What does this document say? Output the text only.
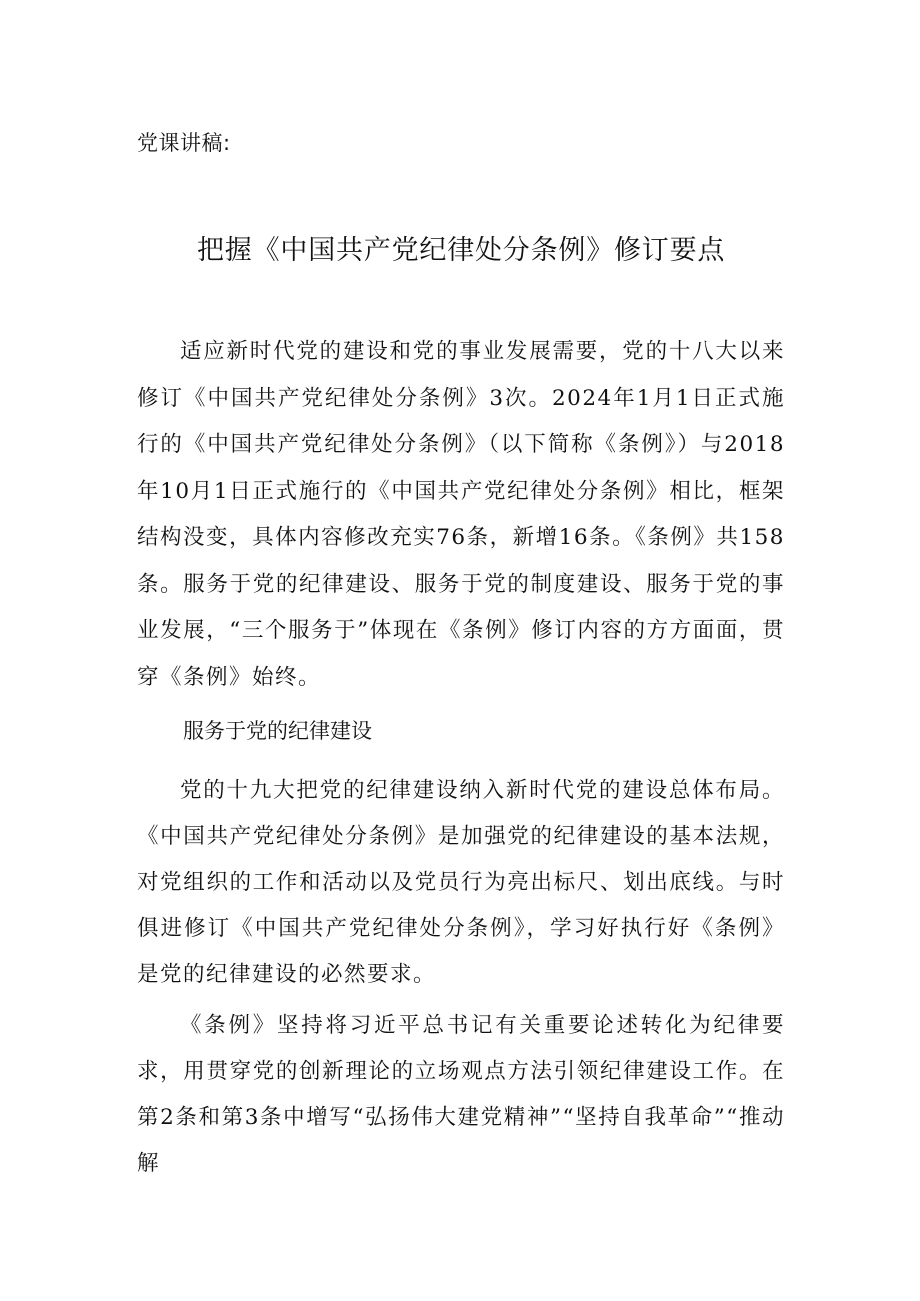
党课讲稿:
把握《中国共产党纪律处分条例》修订要点

适应新时代党的建设和党的事业发展需要，党的十八大以来修订《中国共产党纪律处分条例》3次。2024年1月1日正式施行的《中国共产党纪律处分条例》（以下简称《条例》）与2018年10月1日正式施行的《中国共产党纪律处分条例》相比，框架结构没变，具体内容修改充实76条，新增16条。《条例》共158条。服务于党的纪律建设、服务于党的制度建设、服务于党的事业发展，“三个服务于”体现在《条例》修订内容的方方面面，贯穿《条例》始终。

服务于党的纪律建设

党的十九大把党的纪律建设纳入新时代党的建设总体布局。《中国共产党纪律处分条例》是加强党的纪律建设的基本法规，对党组织的工作和活动以及党员行为亮出标尺、划出底线。与时俱进修订《中国共产党纪律处分条例》，学习好执行好《条例》是党的纪律建设的必然要求。

《条例》坚持将习近平总书记有关重要论述转化为纪律要求，用贯穿党的创新理论的立场观点方法引领纪律建设工作。在第2条和第3条中增写“弘扬伟大建党精神”“坚持自我革命”“推动解
